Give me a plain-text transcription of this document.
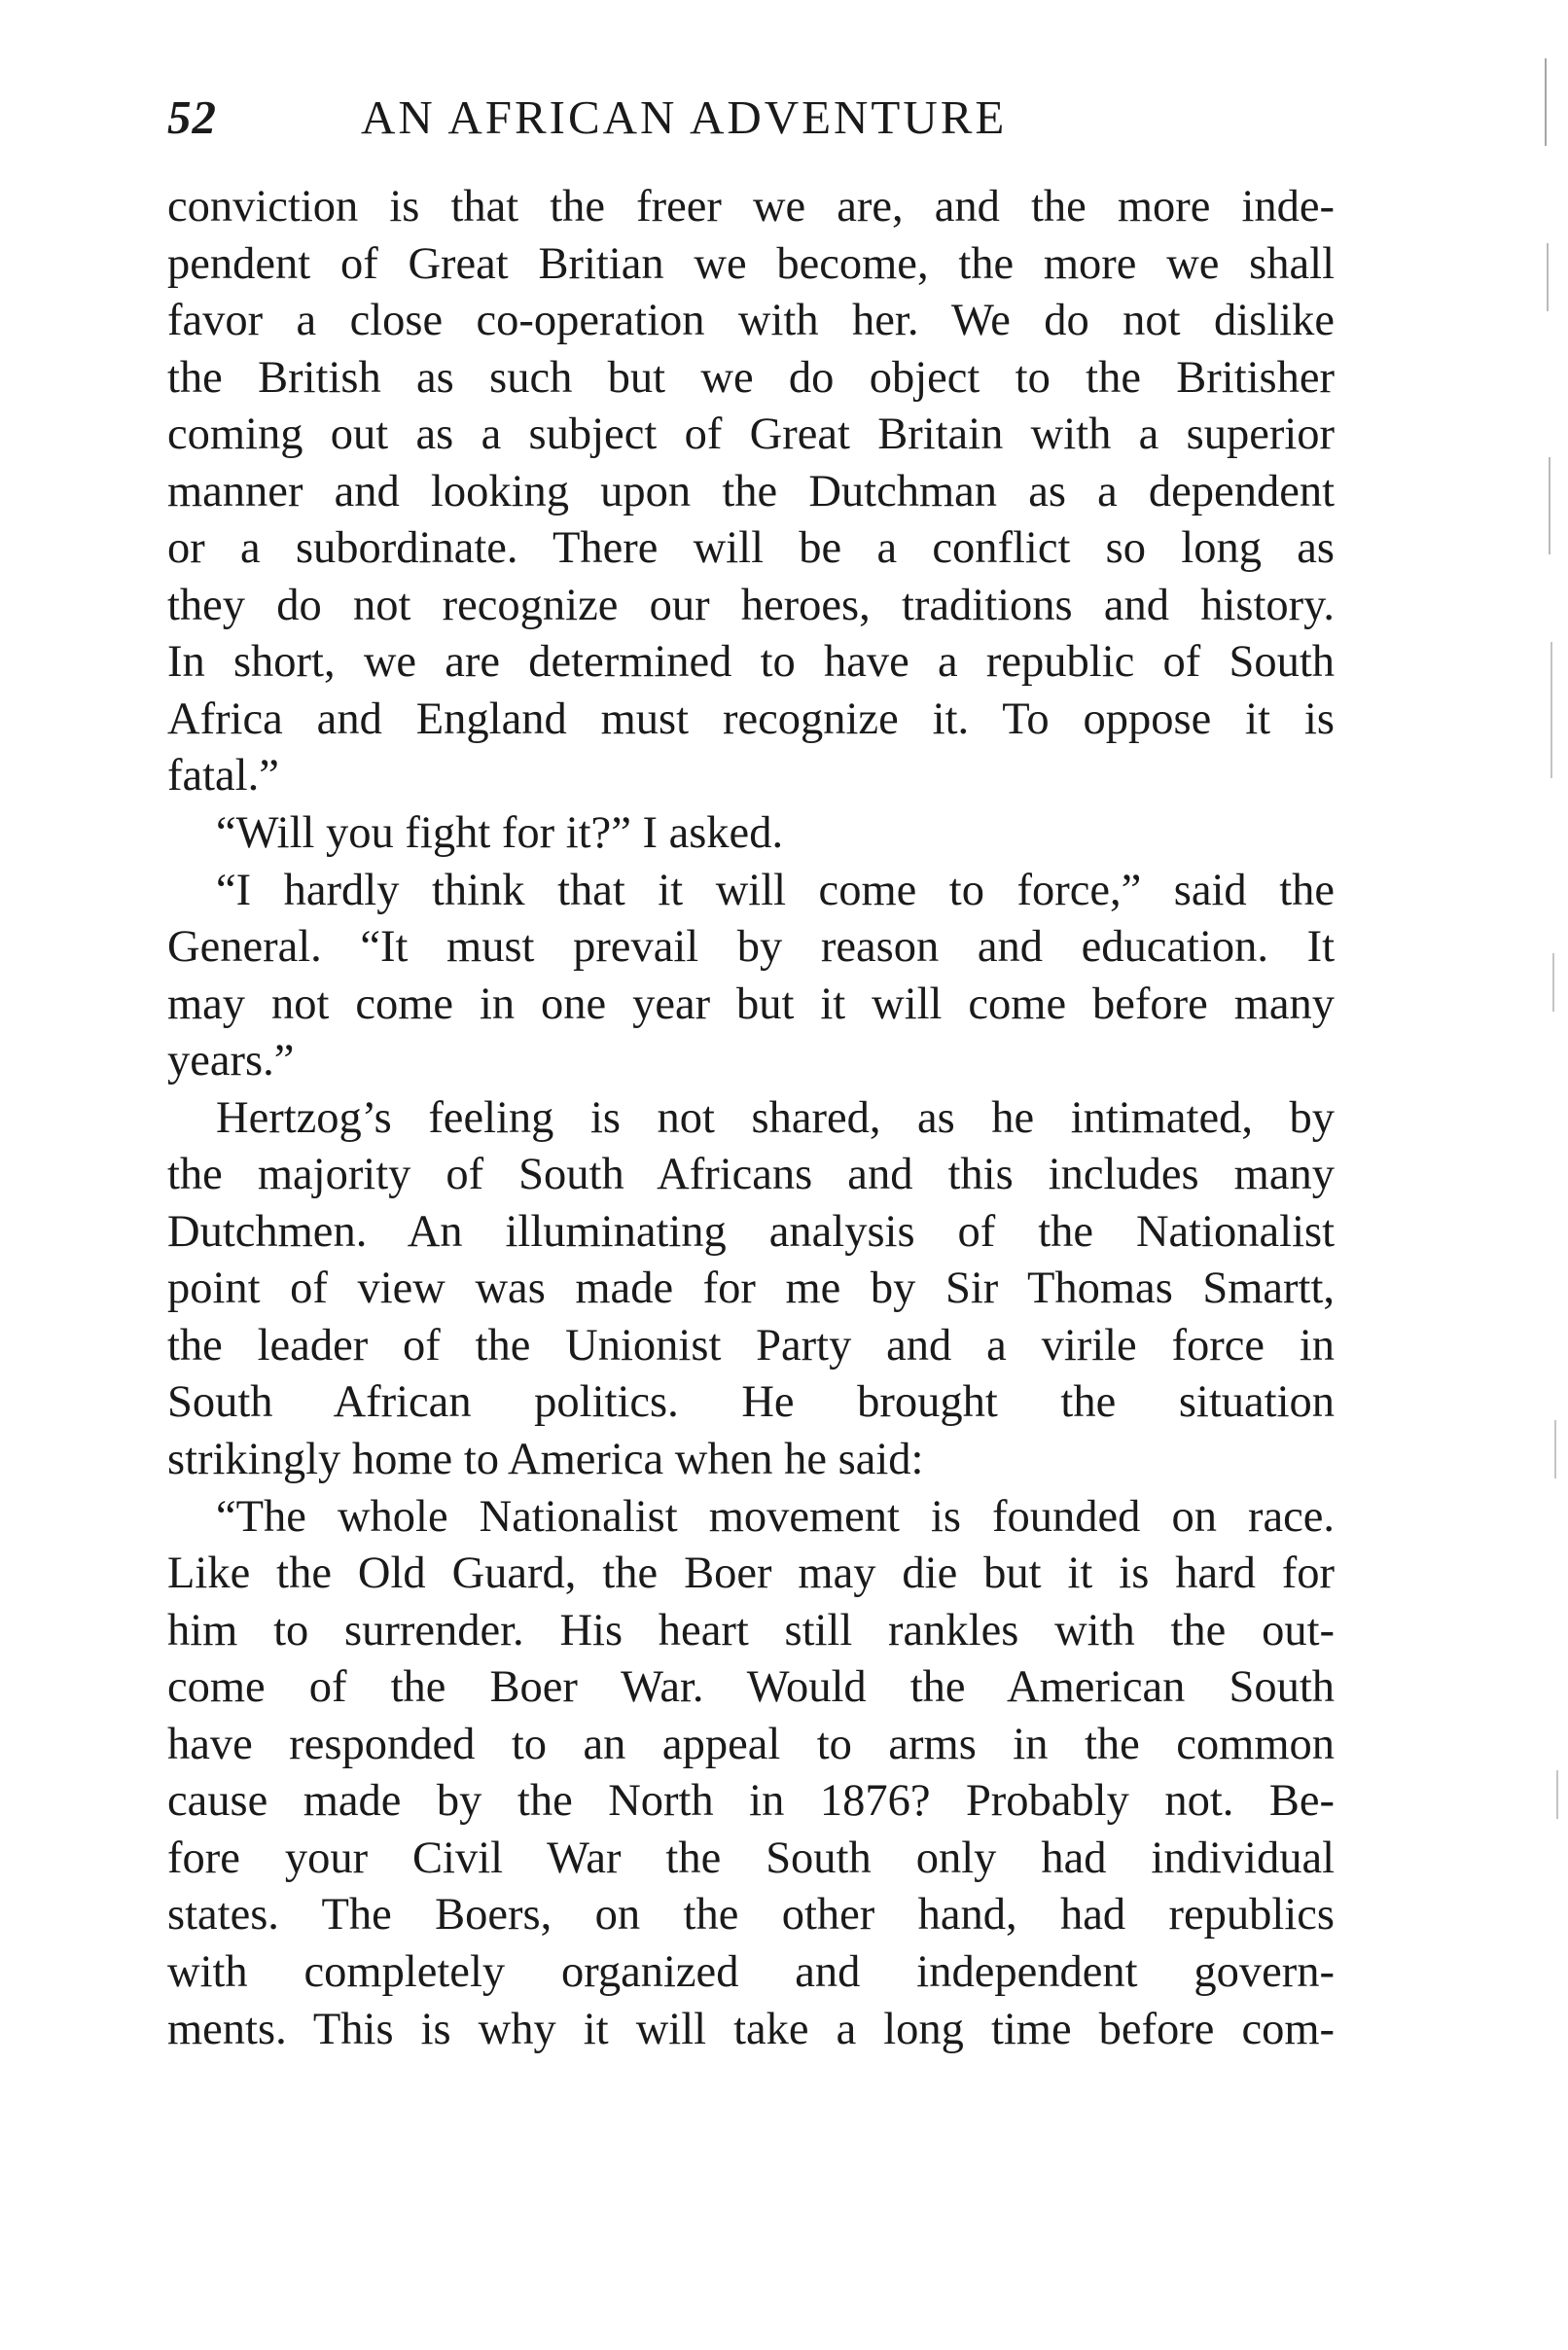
52	AN AFRICAN ADVENTURE
conviction is that the freer we are, and the more inde-
pendent of Great Britian we become, the more we shall
favor a close co-operation with her. We do not dislike
the British as such but we do object to the Britisher
coming out as a subject of Great Britain with a superior
manner and looking upon the Dutchman as a dependent
or a subordinate. There will be a conflict so long as
they do not recognize our heroes, traditions and history.
In short, we are determined to have a republic of South
Africa and England must recognize it. To oppose it is
fatal.”
“Will you fight for it?” I asked.
“I hardly think that it will come to force,” said the
General. “It must prevail by reason and education. It
may not come in one year but it will come before many
years.”
Hertzog’s feeling is not shared, as he intimated, by
the majority of South Africans and this includes many
Dutchmen. An illuminating analysis of the Nationalist
point of view was made for me by Sir Thomas Smartt,
the leader of the Unionist Party and a virile force in
South African politics. He brought the situation
strikingly home to America when he said:
“The whole Nationalist movement is founded on race.
Like the Old Guard, the Boer may die but it is hard for
him to surrender. His heart still rankles with the out-
come of the Boer War. Would the American South
have responded to an appeal to arms in the common
cause made by the North in 1876? Probably not. Be-
fore your Civil War the South only had individual
states. The Boers, on the other hand, had republics
with completely organized and independent govern-
ments. This is why it will take a long time before com-
